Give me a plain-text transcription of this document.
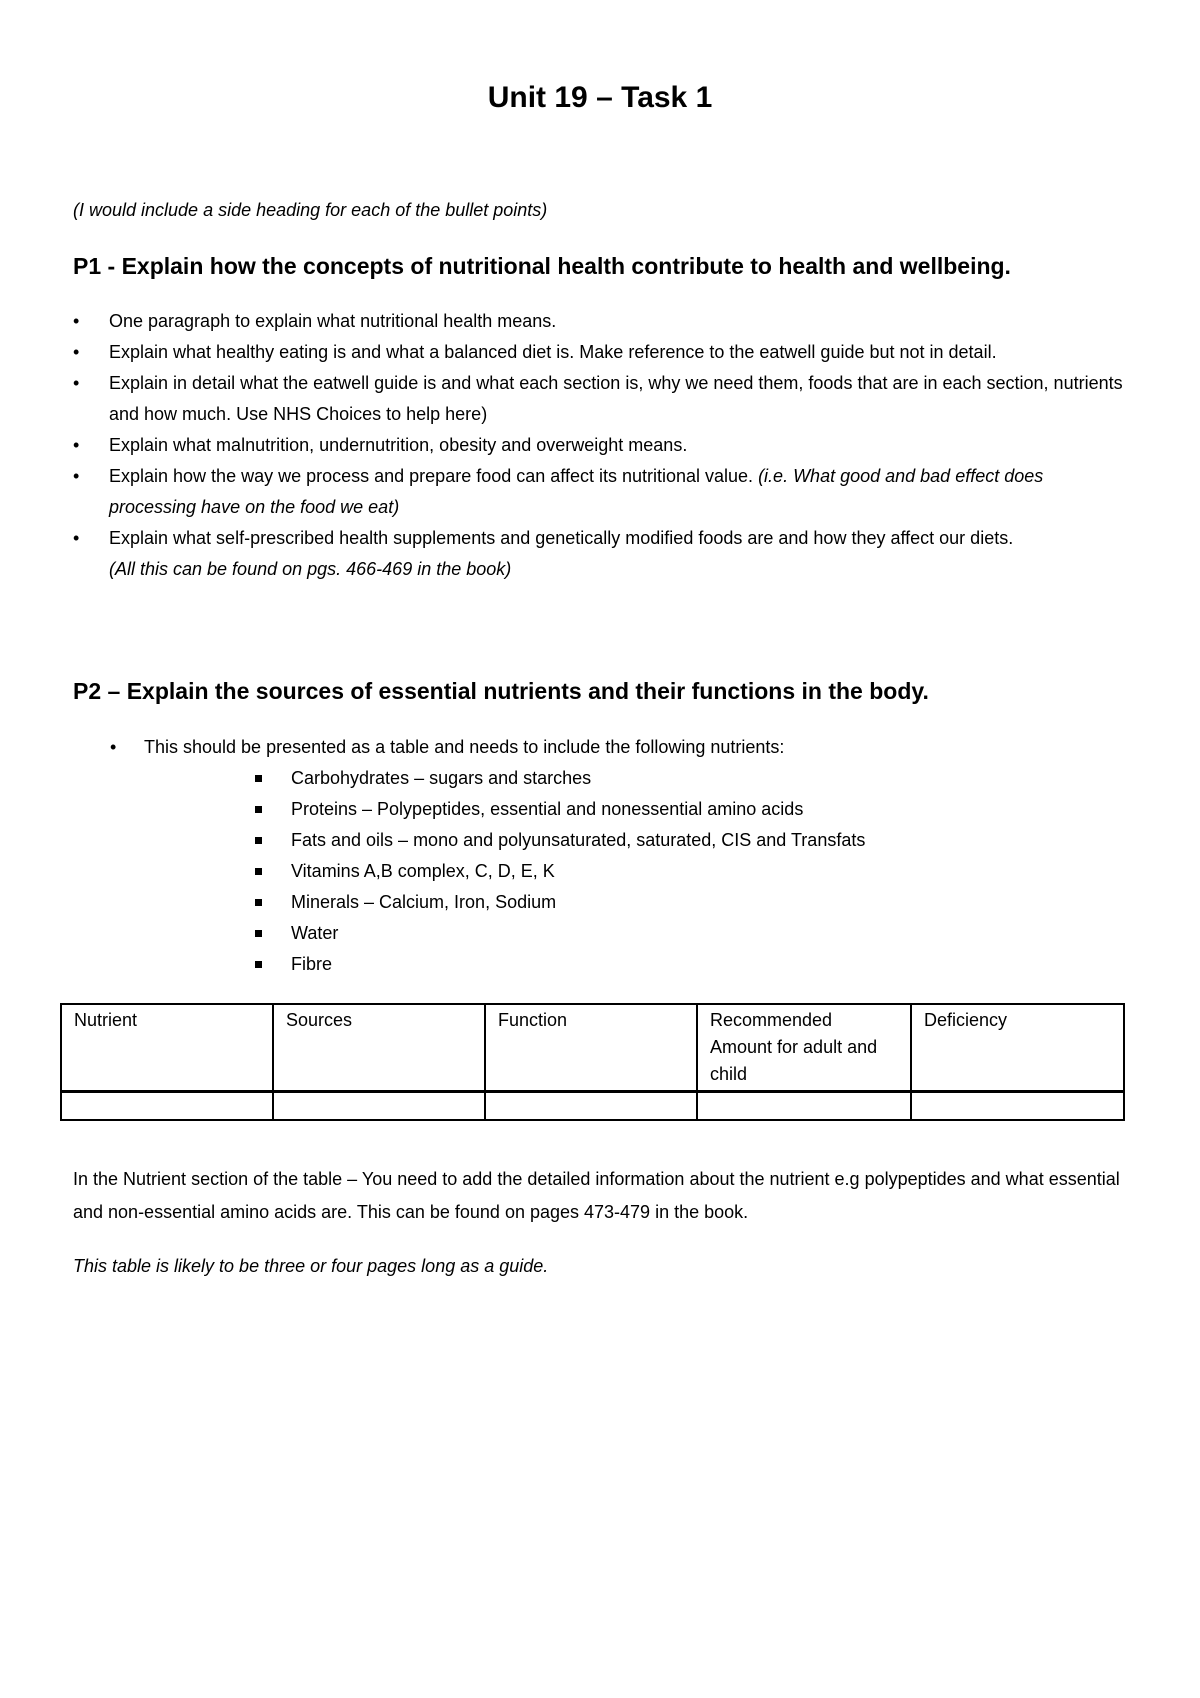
Unit 19 – Task 1
(I would include a side heading for each of the bullet points)
P1 - Explain how the concepts of nutritional health contribute to health and wellbeing.
•	One paragraph to explain what nutritional health means.
•	Explain what healthy eating is and what a balanced diet is. Make reference to the eatwell guide but not in detail.
•	Explain in detail what the eatwell guide is and what each section is, why we need them, foods that are in each section, nutrients and how much. Use NHS Choices to help here)
•	Explain what malnutrition, undernutrition, obesity and overweight means.
•	Explain how the way we process and prepare food can affect its nutritional value. (i.e. What good and bad effect does processing have on the food we eat)
•	Explain what self-prescribed health supplements and genetically modified foods are and how they affect our diets.
(All this can be found on pgs. 466-469 in the book)
P2 – Explain the sources of essential nutrients and their functions in the body.
•	This should be presented as a table and needs to include the following nutrients:
Carbohydrates – sugars and starches
Proteins – Polypeptides, essential and nonessential amino acids
Fats and oils – mono and polyunsaturated, saturated, CIS and Transfats
Vitamins A,B complex, C, D, E, K
Minerals – Calcium, Iron, Sodium
Water
Fibre
Nutrient	Sources	Function	Recommended Amount for adult and child	Deficiency

In the Nutrient section of the table – You need to add the detailed information about the nutrient e.g polypeptides and what essential and non-essential amino acids are. This can be found on pages 473-479 in the book.
This table is likely to be three or four pages long as a guide.
